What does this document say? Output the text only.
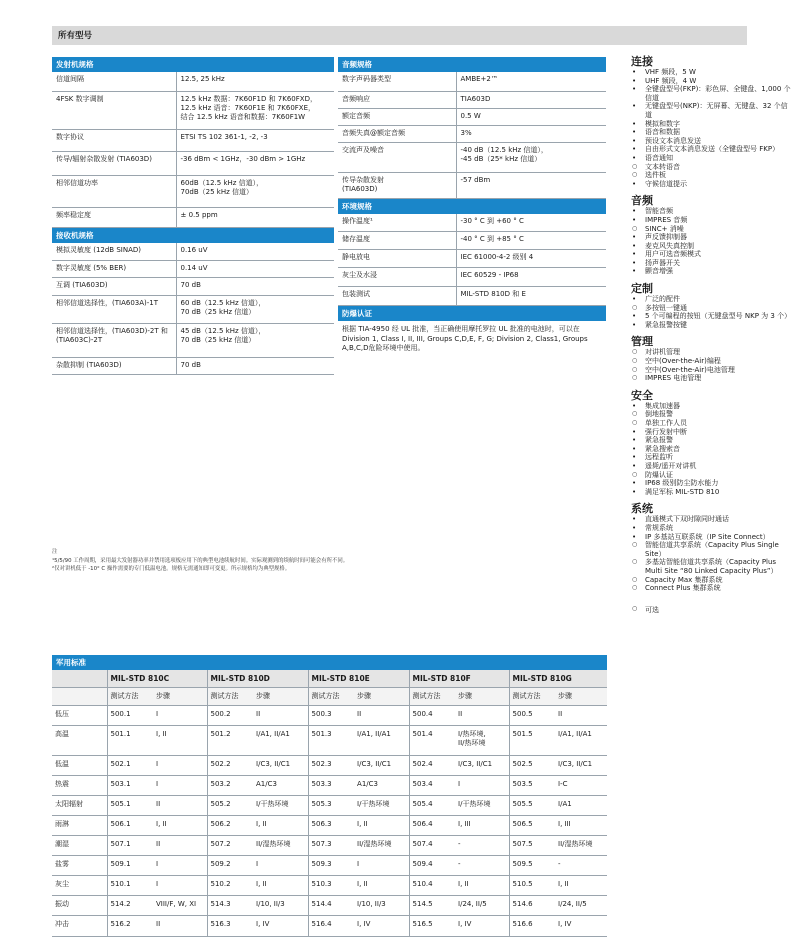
所有型号
发射机规格
信道间隔	12.5, 25 kHz
4FSK 数字调制	12.5 kHz 数据：7K60F1D 和 7K60FXD，
12.5 kHz 语音：7K60F1E 和 7K60FXE，
结合 12.5 kHz 语音和数据：7K60F1W
数字协议	ETSI TS 102 361-1, -2, -3
传导/辐射杂散发射 (TIA603D)	-36 dBm < 1GHz，-30 dBm > 1GHz
相邻信道功率	60dB（12.5 kHz 信道），
70dB（25 kHz 信道）
频率稳定度	± 0.5 ppm
接收机规格
模拟灵敏度 (12dB SINAD)	0.16 uV
数字灵敏度 (5% BER)	0.14 uV
互调 (TIA603D)	70 dB
相邻信道选择性，(TIA603A)-1T	60 dB（12.5 kHz 信道），
70 dB（25 kHz 信道）
相邻信道选择性，(TIA603D)-2T 和
(TIA603C)-2T	45 dB（12.5 kHz 信道），
70 dB（25 kHz 信道）
杂散抑制 (TIA603D)	70 dB
音频规格
数字声码器类型	AMBE+2™
音频响应	TIA603D
额定音频	0.5 W
音频失真@额定音频	3%
交流声及噪音	-40 dB（12.5 kHz 信道），
-45 dB（25* kHz 信道）
传导杂散发射
(TIA603D)	-57 dBm
环境规格
操作温度¹	-30 ° C 到 +60 ° C
储存温度	-40 ° C 到 +85 ° C
静电放电	IEC 61000-4-2 级别 4
灰尘及水浸	IEC 60529 - IP68
包装测试	MIL-STD 810D 和 E
防爆认证
根据 TIA-4950 经 UL 批准，当正确使用摩托罗拉 UL 批准的电池时，可以在Division 1, Class I, II, III, Groups C,D,E, F, G; Division 2, Class1, Groups A,B,C,D危险环境中使用。
注
¹5/5/90 工作周期，采用最大发射器功率并禁用选项板应用下的典型电池续航时间。实际观测到的续航时间可能会有所不同。
²仅对讲机低于 -10° C 操作需要的专门低温电池。规格无需通知即可变更。所示规格均为典型规格。
连接
• VHF 频段，5 W
• UHF 频段，4 W
• 全键盘型号(FKP)：彩色屏、全键盘、1,000 个信道
• 无键盘型号(NKP)：无屏幕、无键盘、32 个信道
• 模拟和数字
• 语音和数据
• 预设文本消息发送
• 自由形式文本消息发送（全键盘型号 FKP）
• 语音通知
○ 文本转语音
○ 选件板
• 守候信道提示
音频
• 智能音频
• IMPRES 音频
○ SINC+ 消噪
• 声反馈抑制器
• 麦克风失真控制
• 用户可选音频模式
• 扬声器开关
• 颤音增强
定制
• 广泛的配件
○ 多按钮一键通
• 5 个可编程的按钮（无键盘型号 NKP 为 3 个）
• 紧急报警按键
管理
○ 对讲机管理
○ 空中(Over-the-Air)编程
○ 空中(Over-the-Air)电池管理
○ IMPRES 电池管理
安全
• 集成加速器
○ 倒地报警
○ 单独工作人员
• 强行发射中断
• 紧急报警
• 紧急搜索音
• 远程监听
• 遥毙/遥开对讲机
○ 防爆认证
• IP68 级别防尘防水能力
• 满足军标 MIL-STD 810
系统
• 直通模式下双时隙同时通话
• 常规系统
• IP 多基站互联系统（IP Site Connect）
○ 智能信道共享系统（Capacity Plus Single Site）
○ 多基站智能信道共享系统（Capacity Plus Multi Site “80 Linked Capacity Plus”）
○ Capacity Max 集群系统
○ Connect Plus 集群系统
○ 可选
军用标准
	MIL-STD 810C		MIL-STD 810D		MIL-STD 810E		MIL-STD 810F		MIL-STD 810G	
	测试方法	步骤	测试方法	步骤	测试方法	步骤	测试方法	步骤	测试方法	步骤
低压	500.1	I	500.2	II	500.3	II	500.4	II	500.5	II
高温	501.1	I, II	501.2	I/A1, II/A1	501.3	I/A1, II/A1	501.4	I/热环境,
II/热环境	501.5	I/A1, II/A1
低温	502.1	I	502.2	I/C3, II/C1	502.3	I/C3, II/C1	502.4	I/C3, II/C1	502.5	I/C3, II/C1
热震	503.1	I	503.2	A1/C3	503.3	A1/C3	503.4	I	503.5	I-C
太阳辐射	505.1	II	505.2	I/干热环境	505.3	I/干热环境	505.4	I/干热环境	505.5	I/A1
雨淋	506.1	I, II	506.2	I, II	506.3	I, II	506.4	I, III	506.5	I, III
潮湿	507.1	II	507.2	II/湿热环境	507.3	II/湿热环境	507.4	-	507.5	II/湿热环境
盐雾	509.1	I	509.2	I	509.3	I	509.4	-	509.5	-
灰尘	510.1	I	510.2	I, II	510.3	I, II	510.4	I, II	510.5	I, II
振动	514.2	VIII/F, W, XI	514.3	I/10, II/3	514.4	I/10, II/3	514.5	I/24, II/5	514.6	I/24, II/5
冲击	516.2	II	516.3	I, IV	516.4	I, IV	516.5	I, IV	516.6	I, IV
